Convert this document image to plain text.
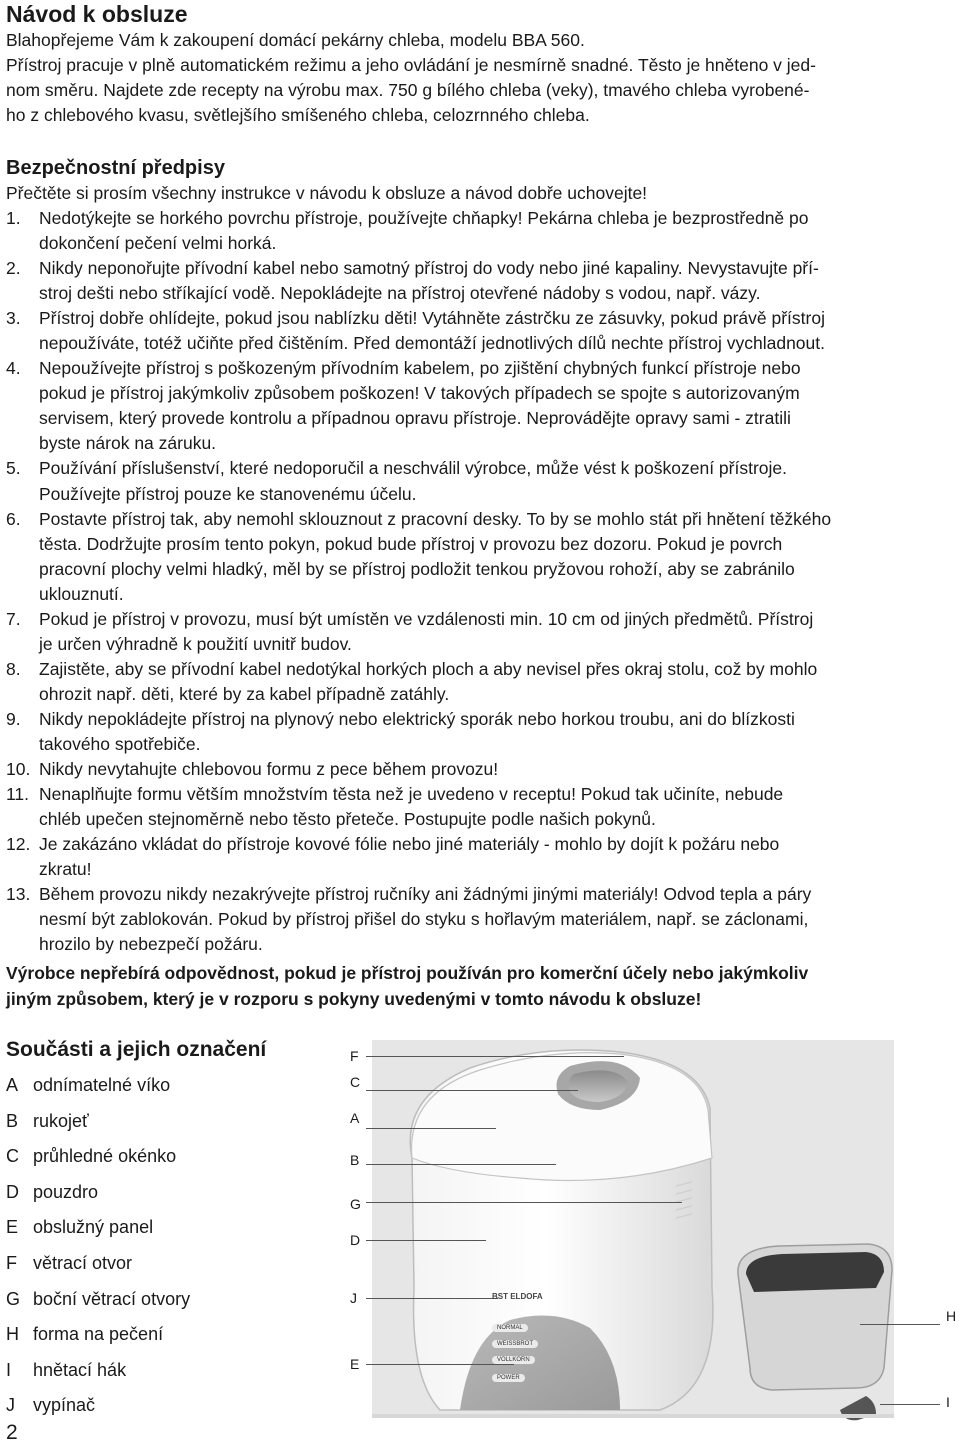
Návod k obsluze
Blahopřejeme Vám k zakoupení domácí pekárny chleba, modelu BBA 560.
Přístroj pracuje v plně automatickém režimu a jeho ovládání je nesmírně snadné. Těsto je hněteno v jed-
nom směru. Najdete zde recepty na výrobu max. 750 g bílého chleba (veky), tmavého chleba vyrobené-
ho z chlebového kvasu, světlejšího smíšeného chleba, celozrnného chleba.
Bezpečnostní předpisy
Přečtěte si prosím všechny instrukce v návodu k obsluze a návod dobře uchovejte!
1.	Nedotýkejte se horkého povrchu přístroje, používejte chňapky! Pekárna chleba je bezprostředně po
dokončení pečení velmi horká.
2.	Nikdy neponořujte přívodní kabel nebo samotný přístroj do vody nebo jiné kapaliny. Nevystavujte pří-
stroj dešti nebo stříkající vodě. Nepokládejte na přístroj otevřené nádoby s vodou, např. vázy.
3.	Přístroj dobře ohlídejte, pokud jsou nablízku děti! Vytáhněte zástrčku ze zásuvky, pokud právě přístroj
nepoužíváte, totéž učiňte před čištěním. Před demontáží jednotlivých dílů nechte přístroj vychladnout.
4.	Nepoužívejte přístroj s poškozeným přívodním kabelem, po zjištění chybných funkcí přístroje nebo
pokud je přístroj jakýmkoliv způsobem poškozen! V takových případech se spojte s autorizovaným
servisem, který provede kontrolu a případnou opravu přístroje. Neprovádějte opravy sami - ztratili
byste nárok na záruku.
5.	Používání příslušenství, které nedoporučil a neschválil výrobce, může vést k poškození přístroje.
Používejte přístroj pouze ke stanovenému účelu.
6.	Postavte přístroj tak, aby nemohl sklouznout z pracovní desky. To by se mohlo stát při hnětení těžkého
těsta. Dodržujte prosím tento pokyn, pokud bude přístroj v provozu bez dozoru. Pokud je povrch
pracovní plochy velmi hladký, měl by se přístroj podložit tenkou pryžovou rohoží, aby se zabránilo
uklouznutí.
7.	Pokud je přístroj v provozu, musí být umístěn ve vzdálenosti min. 10 cm od jiných předmětů. Přístroj
je určen výhradně k použití uvnitř budov.
8.	Zajistěte, aby se přívodní kabel nedotýkal horkých ploch a aby nevisel přes okraj stolu, což by mohlo
ohrozit např. děti, které by za kabel případně zatáhly.
9.	Nikdy nepokládejte přístroj na plynový nebo elektrický sporák nebo horkou troubu, ani do blízkosti
takového spotřebiče.
10. Nikdy nevytahujte chlebovou formu z pece během provozu!
11. Nenaplňujte formu větším množstvím těsta než je uvedeno v receptu! Pokud tak učiníte, nebude
chléb upečen stejnoměrně nebo těsto přeteče. Postupujte podle našich pokynů.
12. Je zakázáno vkládat do přístroje kovové fólie nebo jiné materiály - mohlo by dojít k požáru nebo
zkratu!
13. Během provozu nikdy nezakrývejte přístroj ručníky ani žádnými jinými materiály! Odvod tepla a páry
nesmí být zablokován. Pokud by přístroj přišel do styku s hořlavým materiálem, např. se záclonami,
hrozilo by nebezpečí požáru.
Výrobce nepřebírá odpovědnost, pokud je přístroj používán pro komerční účely nebo jakýmkoliv
jiným způsobem, který je v rozporu s pokyny uvedenými v tomto návodu k obsluze!
Součásti a jejich označení
A odnímatelné víko
B rukojeť
C průhledné okénko
D pouzdro
E obslužný panel
F větrací otvor
G boční větrací otvory
H forma na pečení
I hnětací hák
J vypínač
2
F
C
A
B
G
D
J
E
H
I
BST ELDOFA
NORMAL
WEISSBROT
VOLLKORN
POWER
